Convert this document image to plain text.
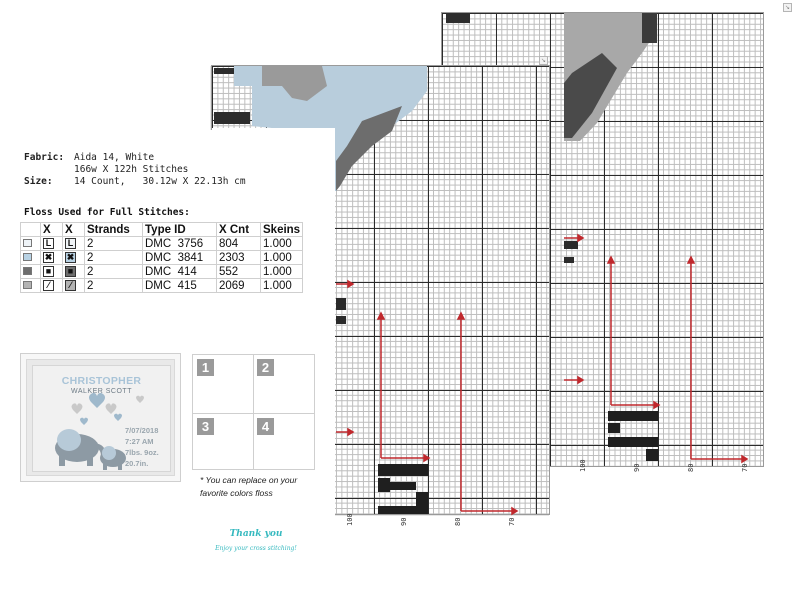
↘
100	90	80	70
↘
100	90	80	70
Fabric: Aida 14, White
166w X 122h Stitches
Size: 14 Count,   30.12w X 22.13h cm
Floss Used for Full Stitches:
	X	X	Strands	Type ID	X Cnt	Skeins
	L	L	2	DMC 3756	804	1.000
	✖	✖	2	DMC 3841	2303	1.000
	■	■	2	DMC 414	552	1.000
	⁄	⁄	2	DMC 415	2069	1.000
CHRISTOPHER
WALKER SCOTT
7/07/2018
7:27 AM
7lbs. 9oz.
20.7in.
1	2
3	4
* You can replace on your favorite colors floss
Thank you
Enjoy your cross stitching!
